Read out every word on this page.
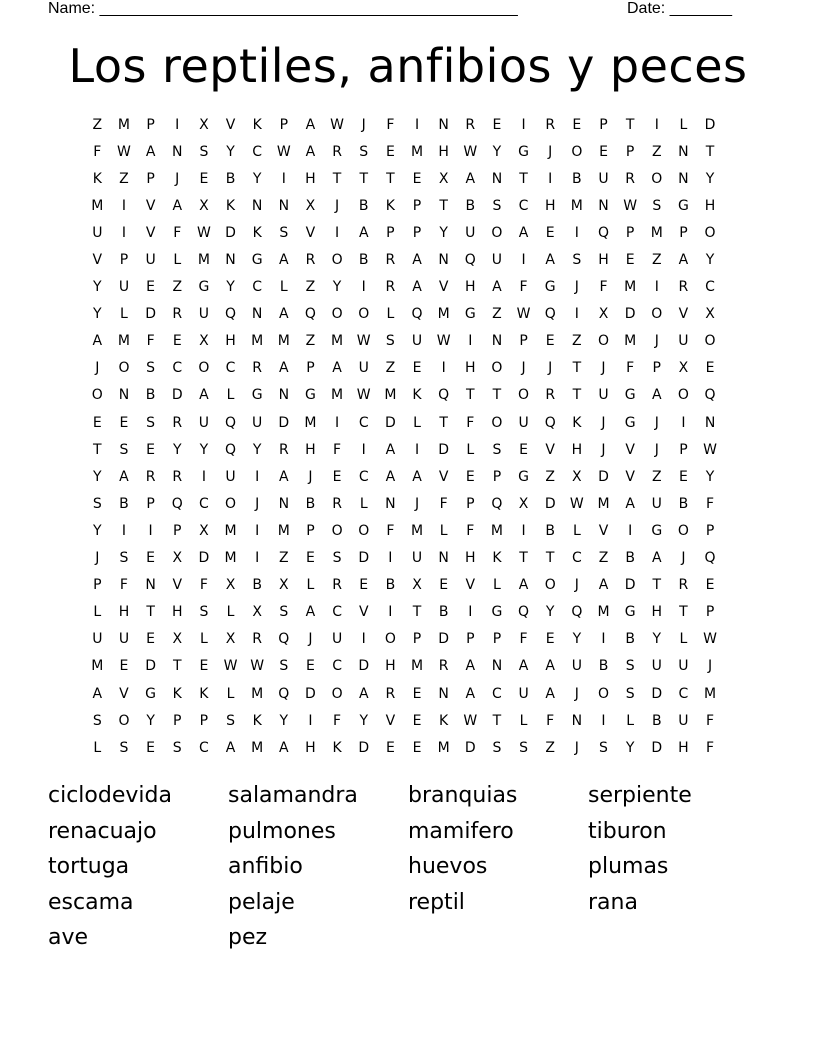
Name: _______________________________________________	Date: _______
Los reptiles, anfibios y peces
Z	M	P	I	X	V	K	P	A	W	J	F	I	N	R	E	I	R	E	P	T	I	L	D
F	W	A	N	S	Y	C	W	A	R	S	E	M	H	W	Y	G	J	O	E	P	Z	N	T
K	Z	P	J	E	B	Y	I	H	T	T	T	E	X	A	N	T	I	B	U	R	O	N	Y
M	I	V	A	X	K	N	N	X	J	B	K	P	T	B	S	C	H	M	N	W	S	G	H
U	I	V	F	W	D	K	S	V	I	A	P	P	Y	U	O	A	E	I	Q	P	M	P	O
V	P	U	L	M	N	G	A	R	O	B	R	A	N	Q	U	I	A	S	H	E	Z	A	Y
Y	U	E	Z	G	Y	C	L	Z	Y	I	R	A	V	H	A	F	G	J	F	M	I	R	C
Y	L	D	R	U	Q	N	A	Q	O	O	L	Q	M	G	Z	W	Q	I	X	D	O	V	X
A	M	F	E	X	H	M	M	Z	M W	S	U	W	I	N	P	E	Z	O	M	J	U	O
J	O	S	C	O	C	R	A	P	A	U	Z	E	I	H	O	J	J	T	J	F	P	X	E
O	N	B	D	A	L	G	N	G	M W M	K	Q	T	T	O	R	T	U	G	A	O	Q
E	E	S	R	U	Q	U	D	M	I	C	D	L	T	F	O	U	Q	K	J	G	J	I	N
T	S	E	Y	Y	Q	Y	R	H	F	I	A	I	D	L	S	E	V	H	J	V	J	P	W
Y	A	R	R	I	U	I	A	J	E	C	A	A	V	E	P	G	Z	X	D	V	Z	E	Y
S	B	P	Q	C	O	J	N	B	R	L	N	J	F	P	Q	X	D	W M	A	U	B	F
Y	I	I	P	X	M	I	M	P	O	O	F	M	L	F	M	I	B	L	V	I	G	O	P
J	S	E	X	D	M	I	Z	E	S	D	I	U	N	H	K	T	T	C	Z	B	A	J	Q
P	F	N	V	F	X	B	X	L	R	E	B	X	E	V	L	A	O	J	A	D	T	R	E
L	H	T	H	S	L	X	S	A	C	V	I	T	B	I	G	Q	Y	Q	M	G	H	T	P
U	U	E	X	L	X	R	Q	J	U	I	O	P	D	P	P	F	E	Y	I	B	Y	L	W
M	E	D	T	E	W W	S	E	C	D	H	M	R	A	N	A	A	U	B	S	U	U	J
A	V	G	K	K	L	M	Q	D	O	A	R	E	N	A	C	U	A	J	O	S	D	C	M
S	O	Y	P	P	S	K	Y	I	F	Y	V	E	K	W	T	L	F	N	I	L	B	U	F
L	S	E	S	C	A	M	A	H	K	D	E	E	M	D	S	S	Z	J	S	Y	D	H	F
ciclodevida	salamandra	branquias	serpiente
renacuajo	pulmones	mamifero	tiburon
tortuga	anfibio	huevos	plumas
escama	pelaje	reptil	rana
ave	pez
